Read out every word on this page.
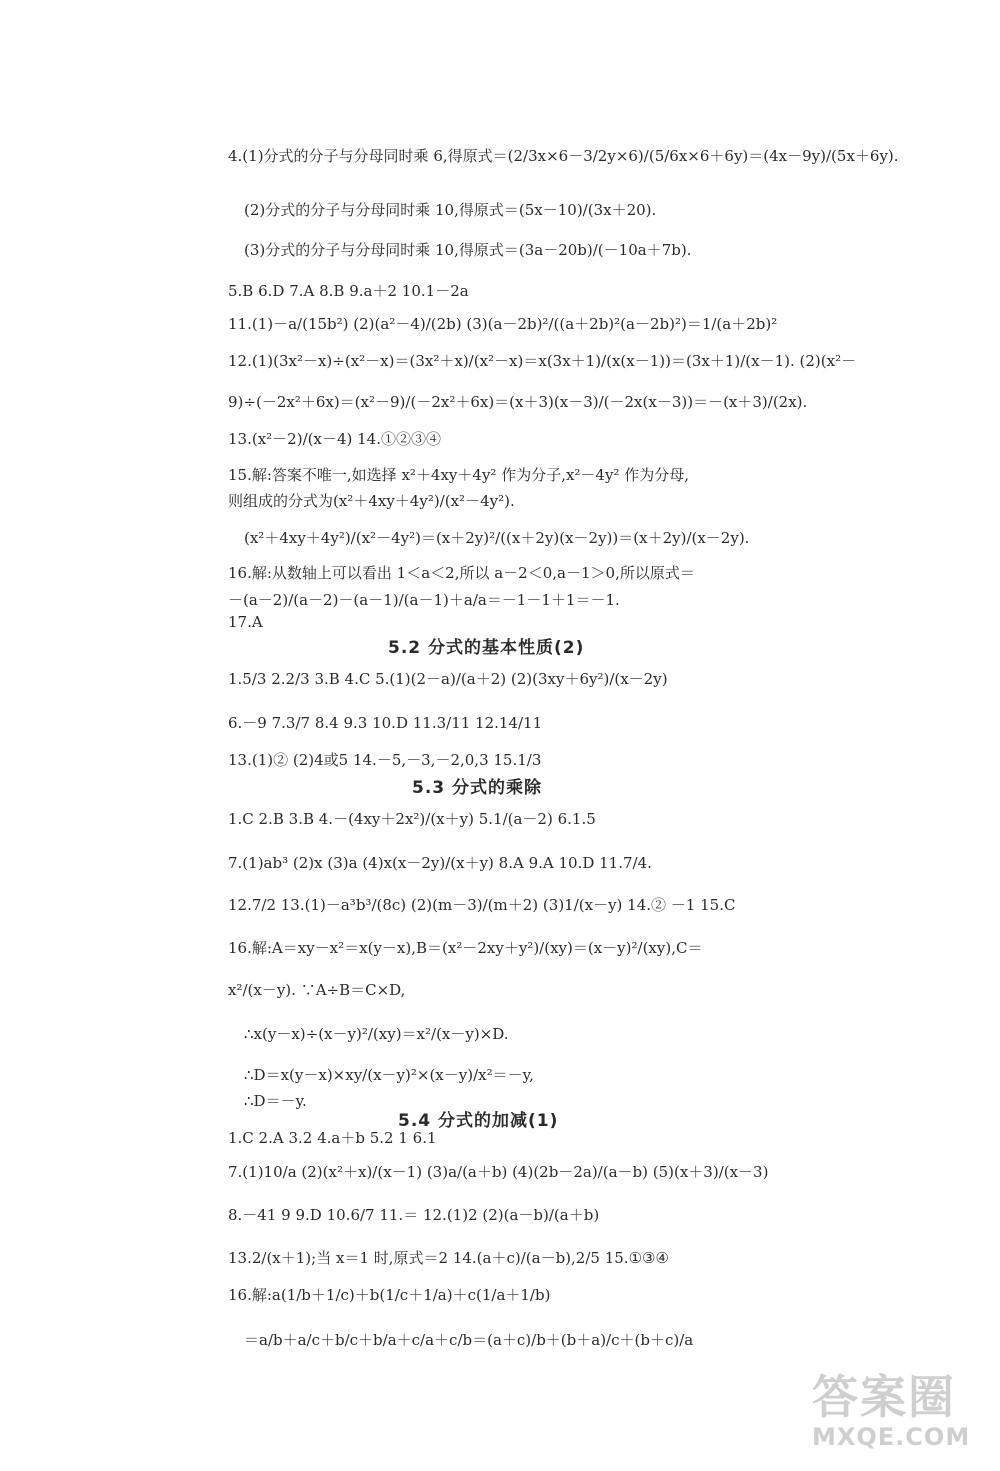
4.(1)分式的分子与分母同时乘 6,得原式＝(2/3x×6－3/2y×6)/(5/6x×6＋6y)＝(4x－9y)/(5x＋6y).
(2)分式的分子与分母同时乘 10,得原式＝(5x－10)/(3x＋20).
(3)分式的分子与分母同时乘 10,得原式＝(3a－20b)/(－10a＋7b).
5.B 6.D 7.A 8.B 9.a＋2 10.1－2a
11.(1)－a/(15b²) (2)(a²－4)/(2b) (3)(a－2b)²/((a＋2b)²(a－2b)²)＝1/(a＋2b)²
12.(1)(3x²－x)÷(x²－x)＝(3x²＋x)/(x²－x)＝x(3x＋1)/(x(x－1))＝(3x＋1)/(x－1). (2)(x²－
9)÷(－2x²＋6x)＝(x²－9)/(－2x²＋6x)＝(x＋3)(x－3)/(－2x(x－3))＝－(x＋3)/(2x).
13.(x²－2)/(x－4) 14.①②③④
15.解:答案不唯一,如选择 x²＋4xy＋4y² 作为分子,x²－4y² 作为分母,
则组成的分式为(x²＋4xy＋4y²)/(x²－4y²).
(x²＋4xy＋4y²)/(x²－4y²)＝(x＋2y)²/((x＋2y)(x－2y))＝(x＋2y)/(x－2y).
16.解:从数轴上可以看出 1＜a＜2,所以 a－2＜0,a－1＞0,所以原式＝
－(a－2)/(a－2)－(a－1)/(a－1)＋a/a＝－1－1＋1＝－1.
17.A
5.2 分式的基本性质(2)
1.5/3 2.2/3 3.B 4.C 5.(1)(2－a)/(a＋2) (2)(3xy＋6y²)/(x－2y)
6.－9 7.3/7 8.4 9.3 10.D 11.3/11 12.14/11
13.(1)② (2)4或5 14.－5,－3,－2,0,3 15.1/3
5.3 分式的乘除
1.C 2.B 3.B 4.－(4xy＋2x²)/(x＋y) 5.1/(a－2) 6.1.5
7.(1)ab³ (2)x (3)a (4)x(x－2y)/(x＋y) 8.A 9.A 10.D 11.7/4.
12.7/2 13.(1)－a³b³/(8c) (2)(m－3)/(m＋2) (3)1/(x－y) 14.② －1 15.C
16.解:A＝xy－x²＝x(y－x),B＝(x²－2xy＋y²)/(xy)＝(x－y)²/(xy),C＝
x²/(x－y). ∵A÷B＝C×D,
∴x(y－x)÷(x－y)²/(xy)＝x²/(x－y)×D.
∴D＝x(y－x)×xy/(x－y)²×(x－y)/x²＝－y,
∴D＝－y.
5.4 分式的加减(1)
1.C 2.A 3.2 4.a＋b 5.2 1 6.1
7.(1)10/a (2)(x²＋x)/(x－1) (3)a/(a＋b) (4)(2b－2a)/(a－b) (5)(x＋3)/(x－3)
8.－41 9 9.D 10.6/7 11.＝ 12.(1)2 (2)(a－b)/(a＋b)
13.2/(x＋1);当 x＝1 时,原式＝2 14.(a＋c)/(a－b),2/5 15.①③④
16.解:a(1/b＋1/c)＋b(1/c＋1/a)＋c(1/a＋1/b)
＝a/b＋a/c＋b/c＋b/a＋c/a＋c/b＝(a＋c)/b＋(b＋a)/c＋(b＋c)/a
答案圈
MXQE.COM
